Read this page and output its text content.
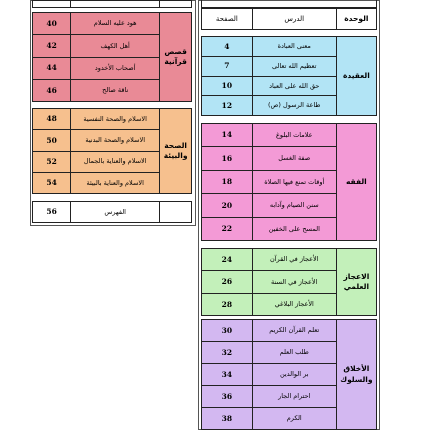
الوحدة	الدرس	الصفحة
العقيدة	معنى العبادة	4
	تعظيم الله تعالى	7
	حق الله على العباد	10
	طاعة الرسول (ص)	12
الفقه	علامات البلوغ	14
	صفة الغسل	16
	أوقات تمنع فيها الصلاة	18
	سنن الصيام وآدابه	20
	المسح على الخفين	22
الاعجاز العلمي	الأعجاز في القرآن	24
	الأعجاز في السنة	26
	الأعجاز البلاغي	28
الأخلاق والسلوك	تعلم القرآن الكريم	30
	طلب العلم	32
	بر الوالدين	34
	احترام الجار	36
	الكرم	38

قصص قرآنية	هود عليه السلام	40
	أهل الكهف	42
	أصحاب الأخدود	44
	ناقة صالح	46
الصحة والبيئة	الاسلام والصحة النفسية	48
	الاسلام والصحة البدنية	50
	الاسلام والعناية بالجمال	52
	الاسلام والعناية بالبيئة	54
	الفهرس	56
